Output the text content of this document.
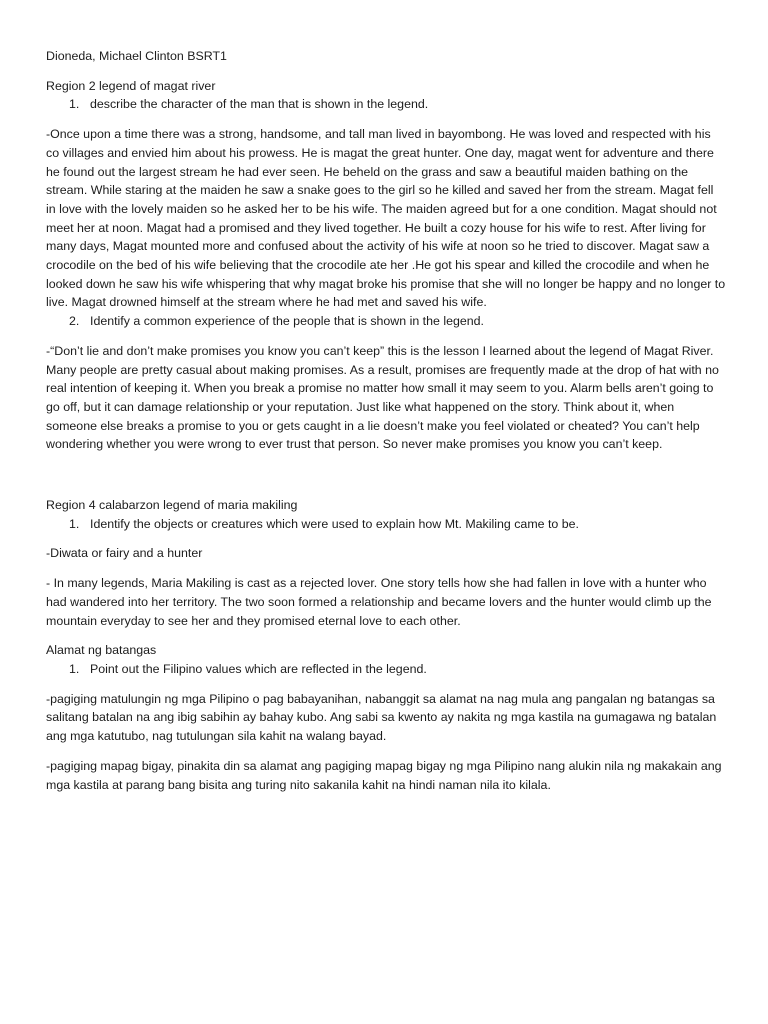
Dioneda, Michael Clinton BSRT1

Region 2 legend of magat river

1. describe the character of the man that is shown in the legend.

-Once upon a time there was a strong, handsome, and tall man lived in bayombong. He was loved and respected with his co villages and envied him about his prowess. He is magat the great hunter. One day, magat went for adventure and there he found out the largest stream he had ever seen. He beheld on the grass and saw a beautiful maiden bathing on the stream. While staring at the maiden he saw a snake goes to the girl so he killed and saved her from the stream. Magat fell in love with the lovely maiden so he asked her to be his wife. The maiden agreed but for a one condition. Magat should not meet her at noon. Magat had a promised and they lived together. He built a cozy house for his wife to rest. After living for many days, Magat mounted more and confused about the activity of his wife at noon so he tried to discover. Magat saw a crocodile on the bed of his wife believing that the crocodile ate her .He got his spear and killed the crocodile and when he looked down he saw his wife whispering that why magat broke his promise that she will no longer be happy and no longer to live. Magat drowned himself at the stream where he had met and saved his wife.

2. Identify a common experience of the people that is shown in the legend.

-“Don’t lie and don’t make promises you know you can’t keep” this is the lesson I learned about the legend of Magat River. Many people are pretty casual about making promises. As a result, promises are frequently made at the drop of hat with no real intention of keeping it. When you break a promise no matter how small it may seem to you. Alarm bells aren’t going to go off, but it can damage relationship or your reputation. Just like what happened on the story. Think about it, when someone else breaks a promise to you or gets caught in a lie doesn’t make you feel violated or cheated? You can’t help wondering whether you were wrong to ever trust that person. So never make promises you know you can’t keep.

Region 4 calabarzon legend of maria makiling

1. Identify the objects or creatures which were used to explain how Mt. Makiling came to be.

-Diwata or fairy and a hunter

- In many legends, Maria Makiling is cast as a rejected lover. One story tells how she had fallen in love with a hunter who had wandered into her territory. The two soon formed a relationship and became lovers and the hunter would climb up the mountain everyday to see her and they promised eternal love to each other.

Alamat ng batangas

1. Point out the Filipino values which are reflected in the legend.

-pagiging matulungin ng mga Pilipino o pag babayanihan, nabanggit sa alamat na nag mula ang pangalan ng batangas sa salitang batalan na ang ibig sabihin ay bahay kubo. Ang sabi sa kwento ay nakita ng mga kastila na gumagawa ng batalan ang mga katutubo, nag tutulungan sila kahit na walang bayad.

-pagiging mapag bigay, pinakita din sa alamat ang pagiging mapag bigay ng mga Pilipino nang alukin nila ng makakain ang mga kastila at parang bang bisita ang turing nito sakanila kahit na hindi naman nila ito kilala.
